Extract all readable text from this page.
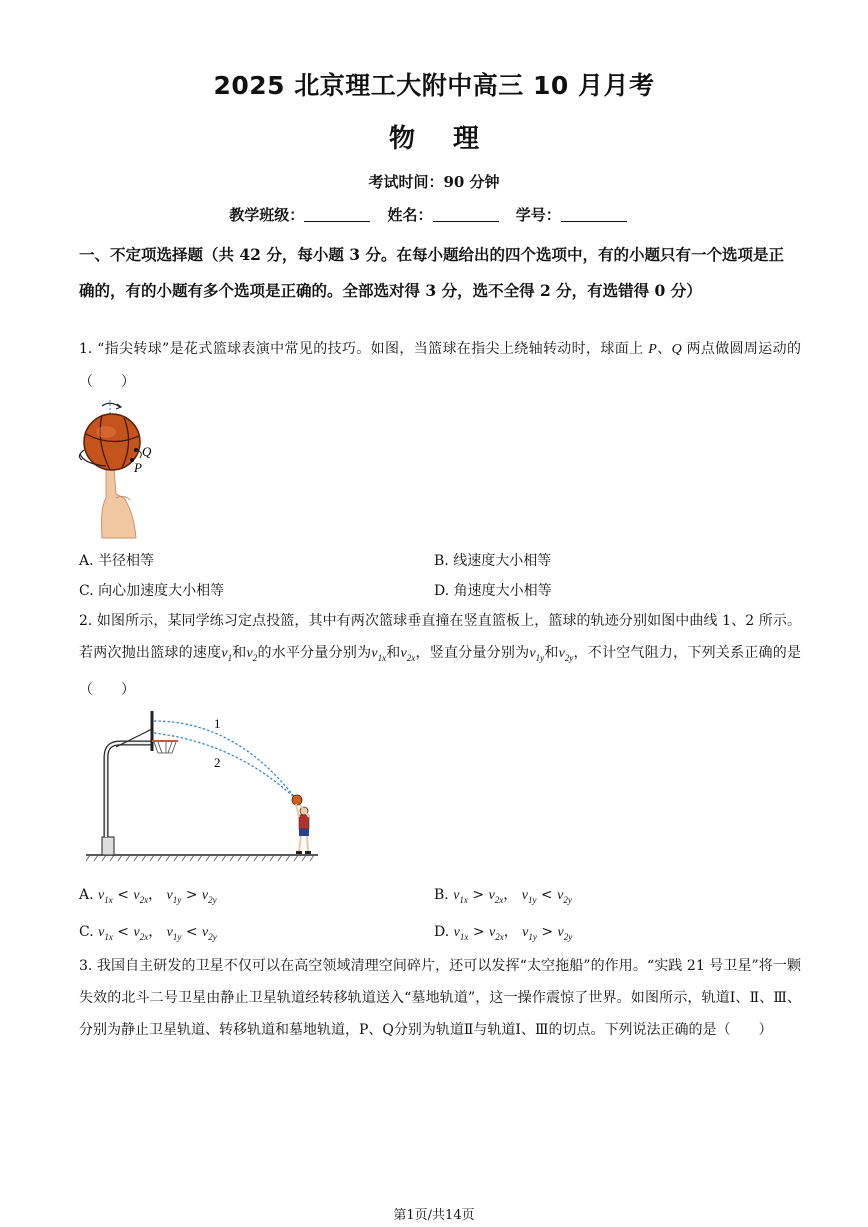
2025 北京理工大附中高三 10 月月考
物理
考试时间：90 分钟
教学班级：	姓名：	学号：
一、不定项选择题（共 42 分，每小题 3 分。在每小题给出的四个选项中，有的小题只有一个选项是正确的，有的小题有多个选项是正确的。全部选对得 3 分，选不全得 2 分，有选错得 0 分）
1. “指尖转球”是花式篮球表演中常见的技巧。如图，当篮球在指尖上绕轴转动时，球面上 P、Q 两点做圆周运动的（　　）
Q
P
A. 半径相等	B. 线速度大小相等
C. 向心加速度大小相等	D. 角速度大小相等
2. 如图所示，某同学练习定点投篮，其中有两次篮球垂直撞在竖直篮板上，篮球的轨迹分别如图中曲线 1、2 所示。若两次抛出篮球的速度$v_1$和$v_2$的水平分量分别为$v_{1x}$和$v_{2x}$，竖直分量分别为$v_{1y}$和$v_{2y}$，不计空气阻力，下列关系正确的是（　　）
1
2
A. $v_{1x} < v_{2x}$， $v_{1y} > v_{2y}$	B. $v_{1x} > v_{2x}$， $v_{1y} < v_{2y}$
C. $v_{1x} < v_{2x}$， $v_{1y} < v_{2y}$	D. $v_{1x} > v_{2x}$， $v_{1y} > v_{2y}$
3. 我国自主研发的卫星不仅可以在高空领域清理空间碎片，还可以发挥“太空拖船”的作用。“实践 21 号卫星”将一颗失效的北斗二号卫星由静止卫星轨道经转移轨道送入“墓地轨道”，这一操作震惊了世界。如图所示，轨道Ⅰ、Ⅱ、Ⅲ、分别为静止卫星轨道、转移轨道和墓地轨道，P、Q分别为轨道Ⅱ与轨道Ⅰ、Ⅲ的切点。下列说法正确的是（　　）
第1页/共14页
